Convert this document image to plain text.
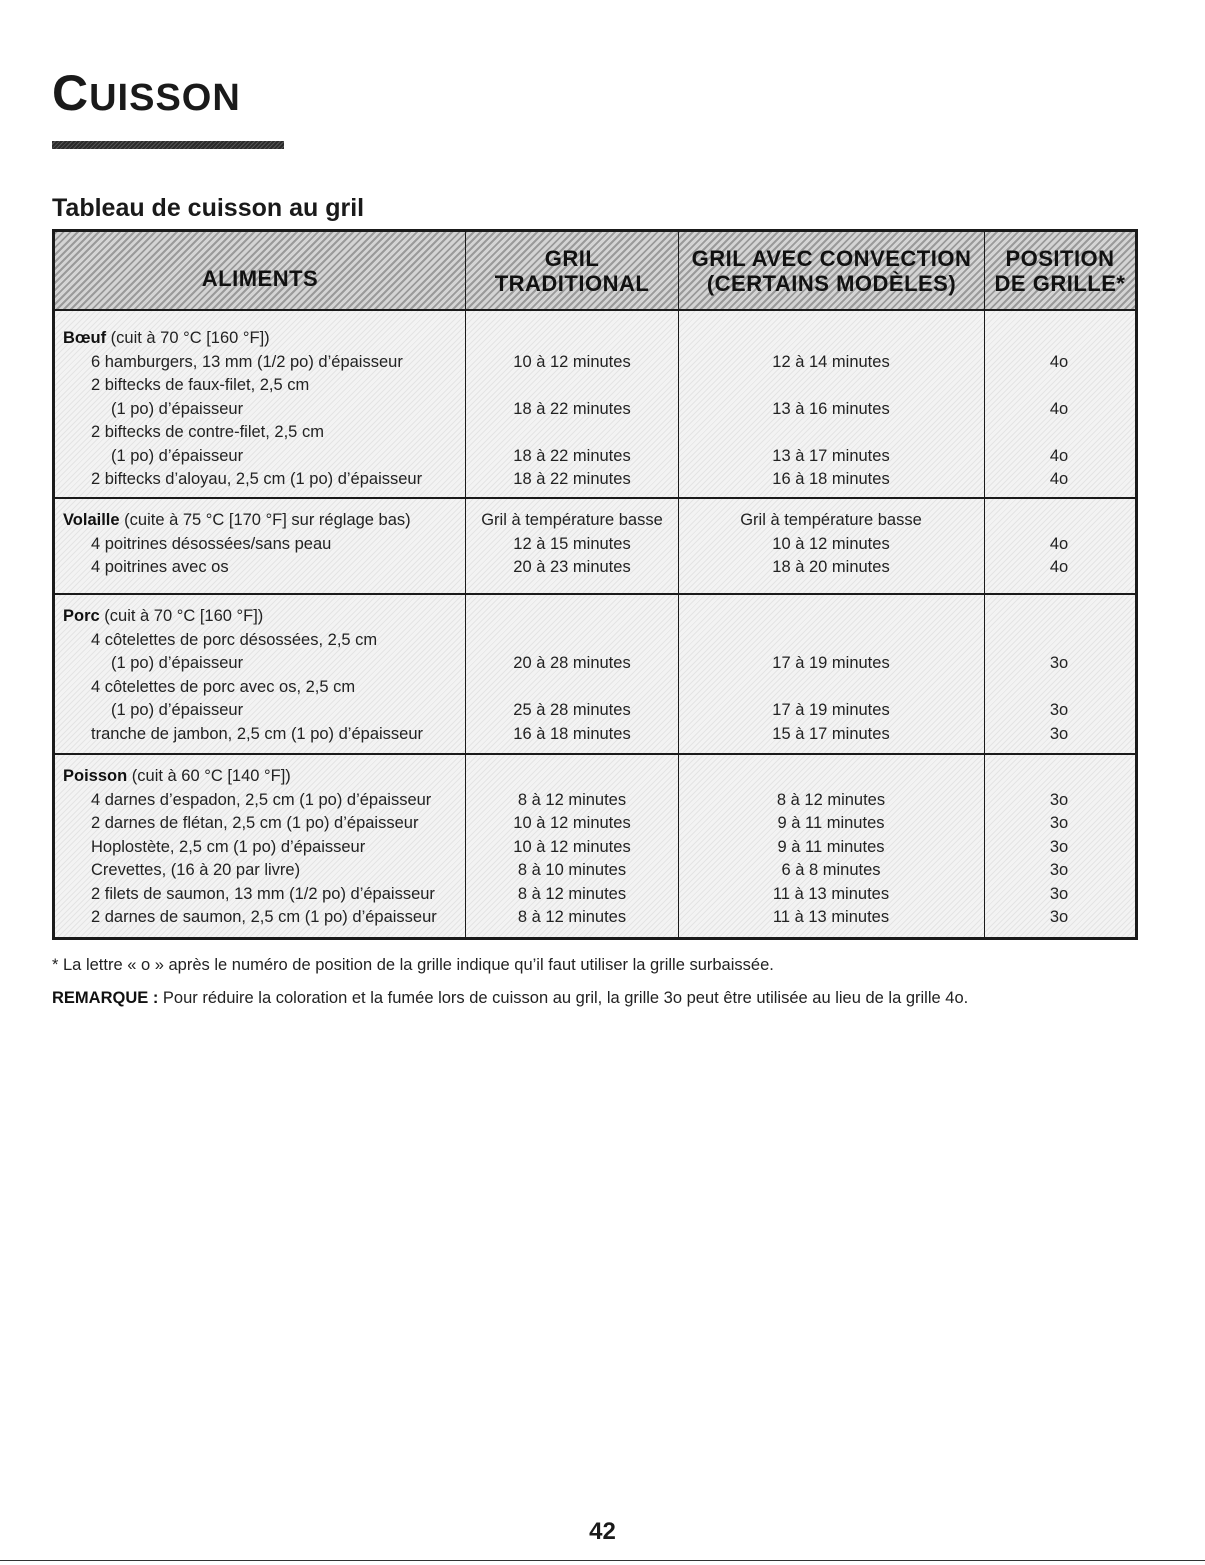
CUISSON
Tableau de cuisson au gril
ALIMENTS
GRIL
TRADITIONAL
GRIL AVEC CONVECTION
(CERTAINS MODÈLES)
POSITION
DE GRILLE*
Bœuf (cuit à 70 °C [160 °F])
6 hamburgers, 13 mm (1/2 po) d’épaisseur	10 à 12 minutes	12 à 14 minutes	4o
2 biftecks de faux-filet, 2,5 cm
(1 po) d’épaisseur	18 à 22 minutes	13 à 16 minutes	4o
2 biftecks de contre-filet, 2,5 cm
(1 po) d’épaisseur	18 à 22 minutes	13 à 17 minutes	4o
2 biftecks d’aloyau, 2,5 cm (1 po) d’épaisseur	18 à 22 minutes	16 à 18 minutes	4o
Volaille (cuite à 75 °C [170 °F] sur réglage bas)	Gril à température basse	Gril à température basse
4 poitrines désossées/sans peau	12 à 15 minutes	10 à 12 minutes	4o
4 poitrines avec os	20 à 23 minutes	18 à 20 minutes	4o
Porc (cuit à 70 °C [160 °F])
4 côtelettes de porc désossées, 2,5 cm
(1 po) d’épaisseur	20 à 28 minutes	17 à 19 minutes	3o
4 côtelettes de porc avec os, 2,5 cm
(1 po) d’épaisseur	25 à 28 minutes	17 à 19 minutes	3o
tranche de jambon, 2,5 cm (1 po) d’épaisseur	16 à 18 minutes	15 à 17 minutes	3o
Poisson (cuit à 60 °C [140 °F])
4 darnes d’espadon, 2,5 cm (1 po) d’épaisseur	8 à 12 minutes	8 à 12 minutes	3o
2 darnes de flétan, 2,5 cm (1 po) d’épaisseur	10 à 12 minutes	9 à 11 minutes	3o
Hoplostète, 2,5 cm (1 po) d’épaisseur	10 à 12 minutes	9 à 11 minutes	3o
Crevettes, (16 à 20 par livre)	8 à 10 minutes	6 à 8 minutes	3o
2 filets de saumon, 13 mm (1/2 po) d’épaisseur	8 à 12 minutes	11 à 13 minutes	3o
2 darnes de saumon, 2,5 cm (1 po) d’épaisseur	8 à 12 minutes	11 à 13 minutes	3o
* La lettre « o » après le numéro de position de la grille indique qu’il faut utiliser la grille surbaissée.
REMARQUE : Pour réduire la coloration et la fumée lors de cuisson au gril, la grille 3o peut être utilisée au lieu de la grille 4o.
42
